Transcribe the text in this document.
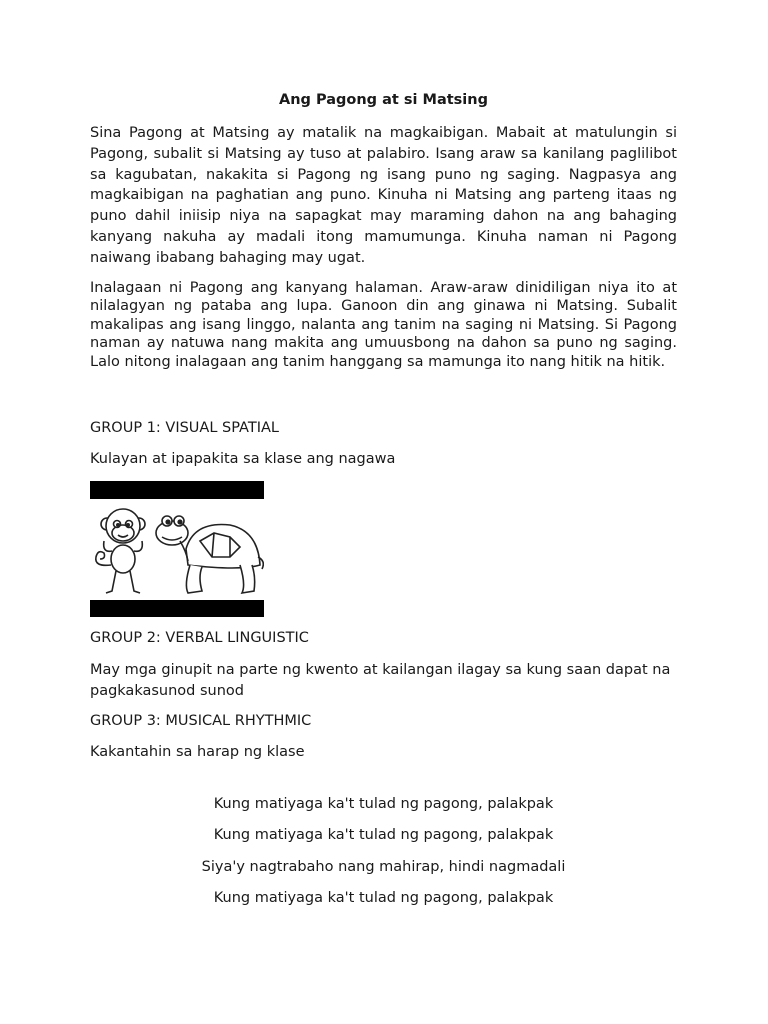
Ang Pagong at si Matsing

Sina Pagong at Matsing ay matalik na magkaibigan. Mabait at matulungin si Pagong, subalit si Matsing ay tuso at palabiro. Isang araw sa kanilang paglilibot sa kagubatan, nakakita si Pagong ng isang puno ng saging. Nagpasya ang magkaibigan na paghatian ang puno. Kinuha ni Matsing ang parteng itaas ng puno dahil iniisip niya na sapagkat may maraming dahon na ang bahaging kanyang nakuha ay madali itong mamumunga. Kinuha naman ni Pagong naiwang ibabang bahaging may ugat.

Inalagaan ni Pagong ang kanyang halaman. Araw-araw dinidiligan niya ito at nilalagyan ng pataba ang lupa. Ganoon din ang ginawa ni Matsing. Subalit makalipas ang isang linggo, nalanta ang tanim na saging ni Matsing. Si Pagong naman ay natuwa nang makita ang umuusbong na dahon sa puno ng saging. Lalo nitong inalagaan ang tanim hanggang sa mamunga ito nang hitik na hitik.

GROUP 1: VISUAL SPATIAL
Kulayan at ipapakita sa klase ang nagawa
GROUP 2: VERBAL LINGUISTIC

May mga ginupit na parte ng kwento at kailangan ilagay sa kung saan dapat na pagkakasunod sunod

GROUP 3: MUSICAL RHYTHMIC
Kakantahin sa harap ng klase
Kung matiyaga ka't tulad ng pagong, palakpak
Kung matiyaga ka't tulad ng pagong, palakpak
Siya'y nagtrabaho nang mahirap, hindi nagmadali
Kung matiyaga ka't tulad ng pagong, palakpak
